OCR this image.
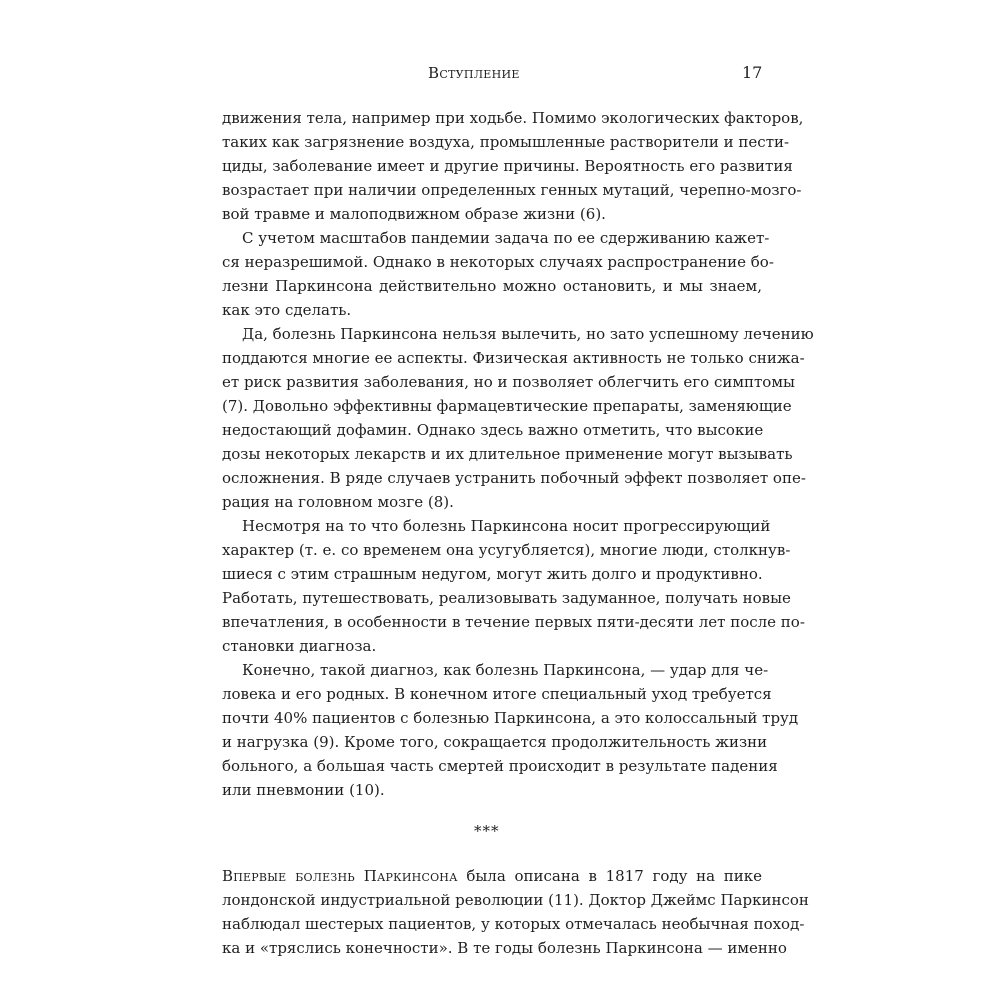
Вступление	17
движения тела, например при ходьбе. Помимо экологических факторов,
таких как загрязнение воздуха, промышленные растворители и пести-
циды, заболевание имеет и другие причины. Вероятность его развития
возрастает при наличии определенных генных мутаций, черепно-мозго-
вой травме и малоподвижном образе жизни (6).
С учетом масштабов пандемии задача по ее сдерживанию кажет-
ся неразрешимой. Однако в некоторых случаях распространение бо-
лезни Паркинсона действительно можно остановить, и мы знаем,
как это сделать.
Да, болезнь Паркинсона нельзя вылечить, но зато успешному лечению
поддаются многие ее аспекты. Физическая активность не только снижа-
ет риск развития заболевания, но и позволяет облегчить его симптомы
(7). Довольно эффективны фармацевтические препараты, заменяющие
недостающий дофамин. Однако здесь важно отметить, что высокие
дозы некоторых лекарств и их длительное применение могут вызывать
осложнения. В ряде случаев устранить побочный эффект позволяет опе-
рация на головном мозге (8).
Несмотря на то что болезнь Паркинсона носит прогрессирующий
характер (т. е. со временем она усугубляется), многие люди, столкнув-
шиеся с этим страшным недугом, могут жить долго и продуктивно.
Работать, путешествовать, реализовывать задуманное, получать новые
впечатления, в особенности в течение первых пяти-десяти лет после по-
становки диагноза.
Конечно, такой диагноз, как болезнь Паркинсона, — удар для че-
ловека и его родных. В конечном итоге специальный уход требуется
почти 40% пациентов с болезнью Паркинсона, а это колоссальный труд
и нагрузка (9). Кроме того, сокращается продолжительность жизни
больного, а большая часть смертей происходит в результате падения
или пневмонии (10).
***
Впервые болезнь Паркинсона была описана в 1817 году на пике
лондонской индустриальной революции (11). Доктор Джеймс Паркинсон
наблюдал шестерых пациентов, у которых отмечалась необычная поход-
ка и «тряслись конечности». В те годы болезнь Паркинсона — именно
